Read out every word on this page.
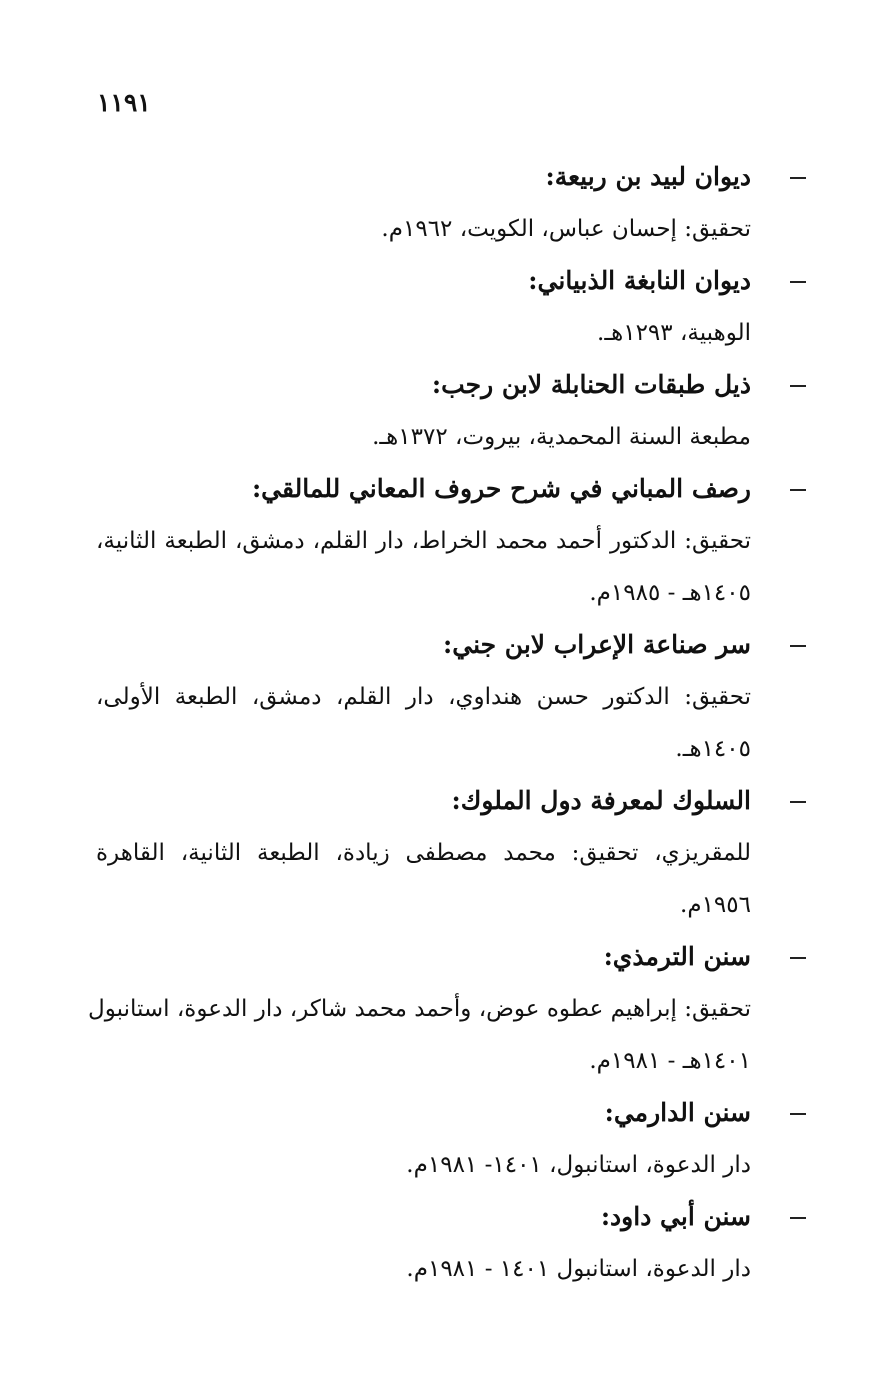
١١٩١
ديوان لبيد بن ربيعة:
تحقيق: إحسان عباس، الكويت، ١٩٦٢م.
ديوان النابغة الذبياني:
الوهبية، ١٢٩٣هـ.
ذيل طبقات الحنابلة لابن رجب:
مطبعة السنة المحمدية، بيروت، ١٣٧٢هـ.
رصف المباني في شرح حروف المعاني للمالقي:
تحقيق: الدكتور أحمد محمد الخراط، دار القلم، دمشق، الطبعة الثانية،
١٤٠٥هـ - ١٩٨٥م.
سر صناعة الإعراب لابن جني:
تحقيق: الدكتور حسن هنداوي، دار القلم، دمشق، الطبعة الأولى،
١٤٠٥هـ.
السلوك لمعرفة دول الملوك:
للمقريزي، تحقيق: محمد مصطفى زيادة، الطبعة الثانية، القاهرة
١٩٥٦م.
سنن الترمذي:
تحقيق: إبراهيم عطوه عوض، وأحمد محمد شاكر، دار الدعوة، استانبول
١٤٠١هـ - ١٩٨١م.
سنن الدارمي:
دار الدعوة، استانبول، ١٤٠١- ١٩٨١م.
سنن أبي داود:
دار الدعوة، استانبول ١٤٠١ - ١٩٨١م.
